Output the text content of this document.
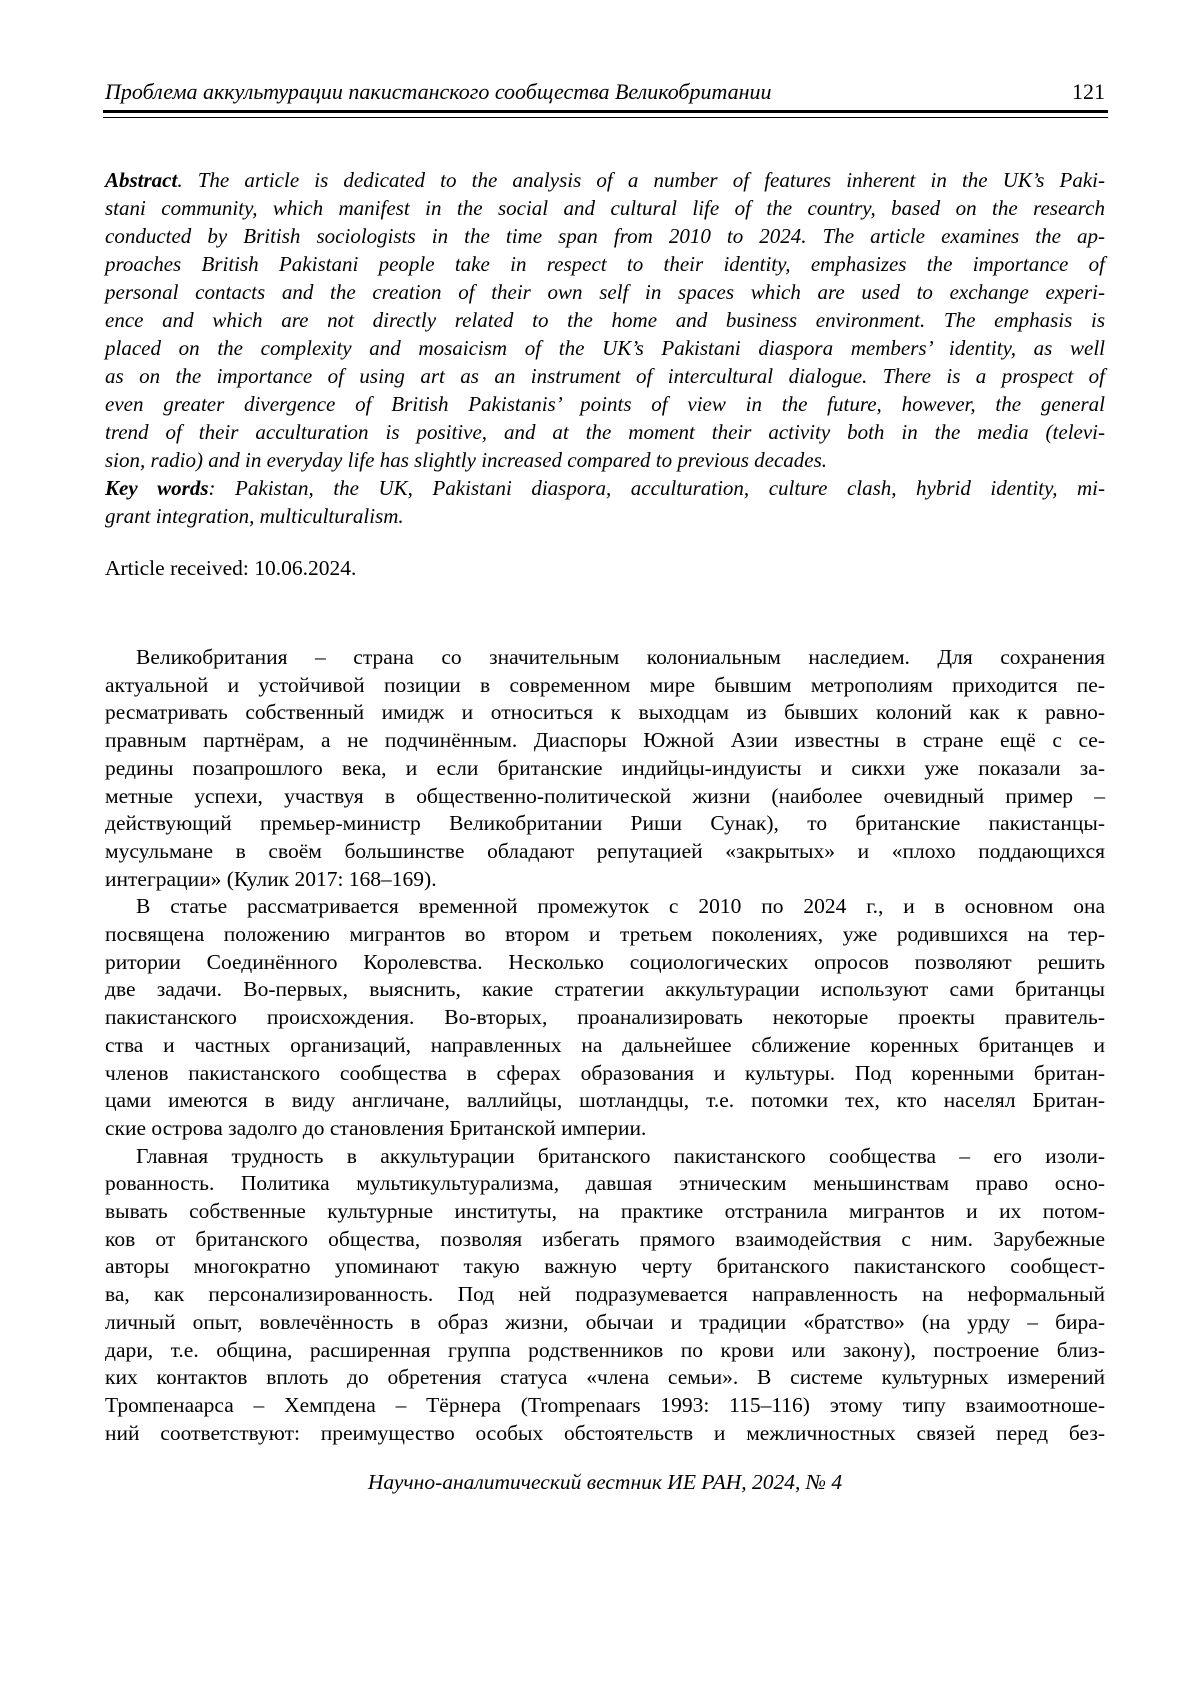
Проблема аккультурации пакистанского сообщества Великобритании	121
Abstract. The article is dedicated to the analysis of a number of features inherent in the UK’s Paki-
stani community, which manifest in the social and cultural life of the country, based on the research
conducted by British sociologists in the time span from 2010 to 2024. The article examines the ap-
proaches British Pakistani people take in respect to their identity, emphasizes the importance of
personal contacts and the creation of their own self in spaces which are used to exchange experi-
ence and which are not directly related to the home and business environment. The emphasis is
placed on the complexity and mosaicism of the UK’s Pakistani diaspora members’ identity, as well
as on the importance of using art as an instrument of intercultural dialogue. There is a prospect of
even greater divergence of British Pakistanis’ points of view in the future, however, the general
trend of their acculturation is positive, and at the moment their activity both in the media (televi-
sion, radio) and in everyday life has slightly increased compared to previous decades.
Key words: Pakistan, the UK, Pakistani diaspora, acculturation, culture clash, hybrid identity, mi-
grant integration, multiculturalism.

Article received: 10.06.2024.

Великобритания – страна со значительным колониальным наследием. Для сохранения
актуальной и устойчивой позиции в современном мире бывшим метрополиям приходится пе-
ресматривать собственный имидж и относиться к выходцам из бывших колоний как к равно-
правным партнёрам, а не подчинённым. Диаспоры Южной Азии известны в стране ещё с се-
редины позапрошлого века, и если британские индийцы-индуисты и сикхи уже показали за-
метные успехи, участвуя в общественно-политической жизни (наиболее очевидный пример –
действующий премьер-министр Великобритании Риши Сунак), то британские пакистанцы-
мусульмане в своём большинстве обладают репутацией «закрытых» и «плохо поддающихся
интеграции» (Кулик 2017: 168–169).
В статье рассматривается временной промежуток с 2010 по 2024 г., и в основном она
посвящена положению мигрантов во втором и третьем поколениях, уже родившихся на тер-
ритории Соединённого Королевства. Несколько социологических опросов позволяют решить
две задачи. Во-первых, выяснить, какие стратегии аккультурации используют сами британцы
пакистанского происхождения. Во-вторых, проанализировать некоторые проекты правитель-
ства и частных организаций, направленных на дальнейшее сближение коренных британцев и
членов пакистанского сообщества в сферах образования и культуры. Под коренными британ-
цами имеются в виду англичане, валлийцы, шотландцы, т.е. потомки тех, кто населял Британ-
ские острова задолго до становления Британской империи.
Главная трудность в аккультурации британского пакистанского сообщества – его изоли-
рованность. Политика мультикультурализма, давшая этническим меньшинствам право осно-
вывать собственные культурные институты, на практике отстранила мигрантов и их потом-
ков от британского общества, позволяя избегать прямого взаимодействия с ним. Зарубежные
авторы многократно упоминают такую важную черту британского пакистанского сообщест-
ва, как персонализированность. Под ней подразумевается направленность на неформальный
личный опыт, вовлечённость в образ жизни, обычаи и традиции «братство» (на урду – бира-
дари, т.е. община, расширенная группа родственников по крови или закону), построение близ-
ких контактов вплоть до обретения статуса «члена семьи». В системе культурных измерений
Тромпенаарса – Хемпдена – Тёрнера (Trompenaars 1993: 115–116) этому типу взаимоотноше-
ний соответствуют: преимущество особых обстоятельств и межличностных связей перед без-
Научно-аналитический вестник ИЕ РАН, 2024, № 4
